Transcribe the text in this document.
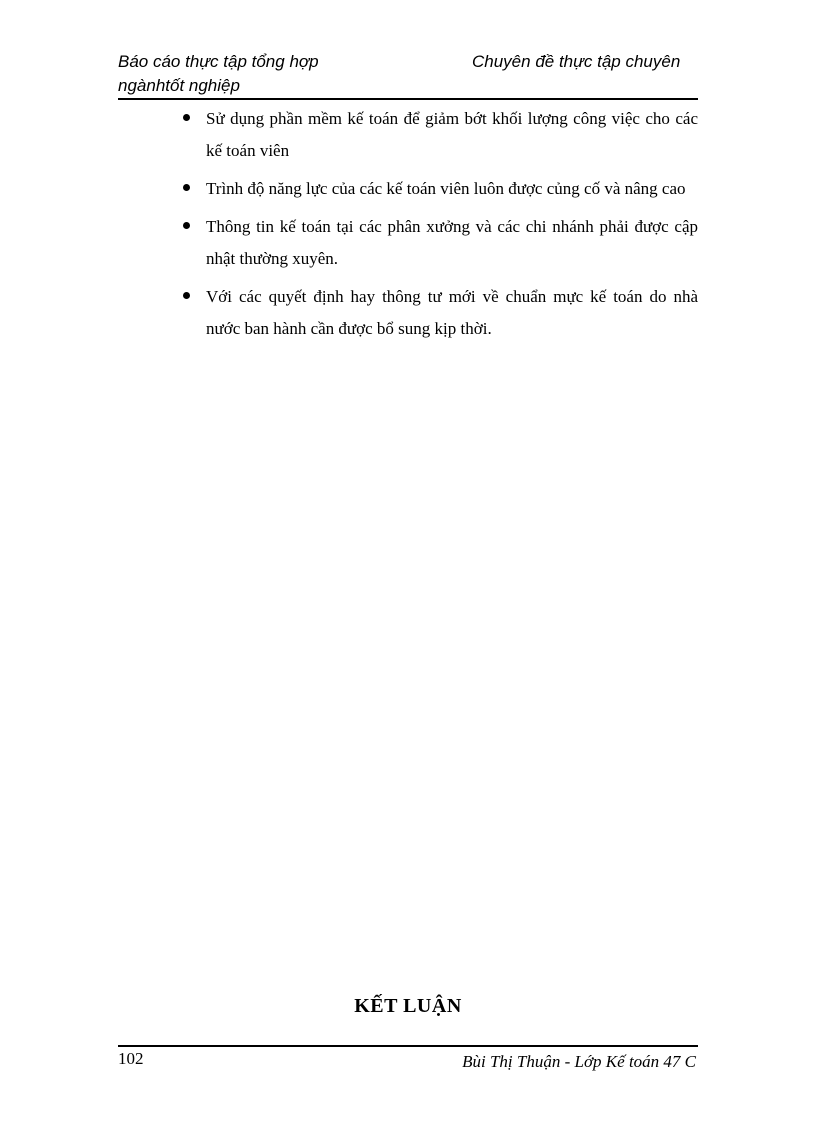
Báo cáo thực tập tổng hợp	Chuyên đề thực tập chuyên
ngànhtốt nghiệp
Sử dụng phần mềm kế toán để giảm bớt khối lượng công việc cho các kế toán viên
Trình độ năng lực của các kế toán viên luôn được củng cố và nâng cao
Thông tin kế toán tại các phân xưởng và các chi nhánh phải được cập nhật thường xuyên.
Với các quyết định hay thông tư mới về chuẩn mực kế toán do nhà nước ban hành cần được bổ sung kịp thời.
KẾT LUẬN
102	Bùi Thị Thuận - Lớp Kế toán 47 C
